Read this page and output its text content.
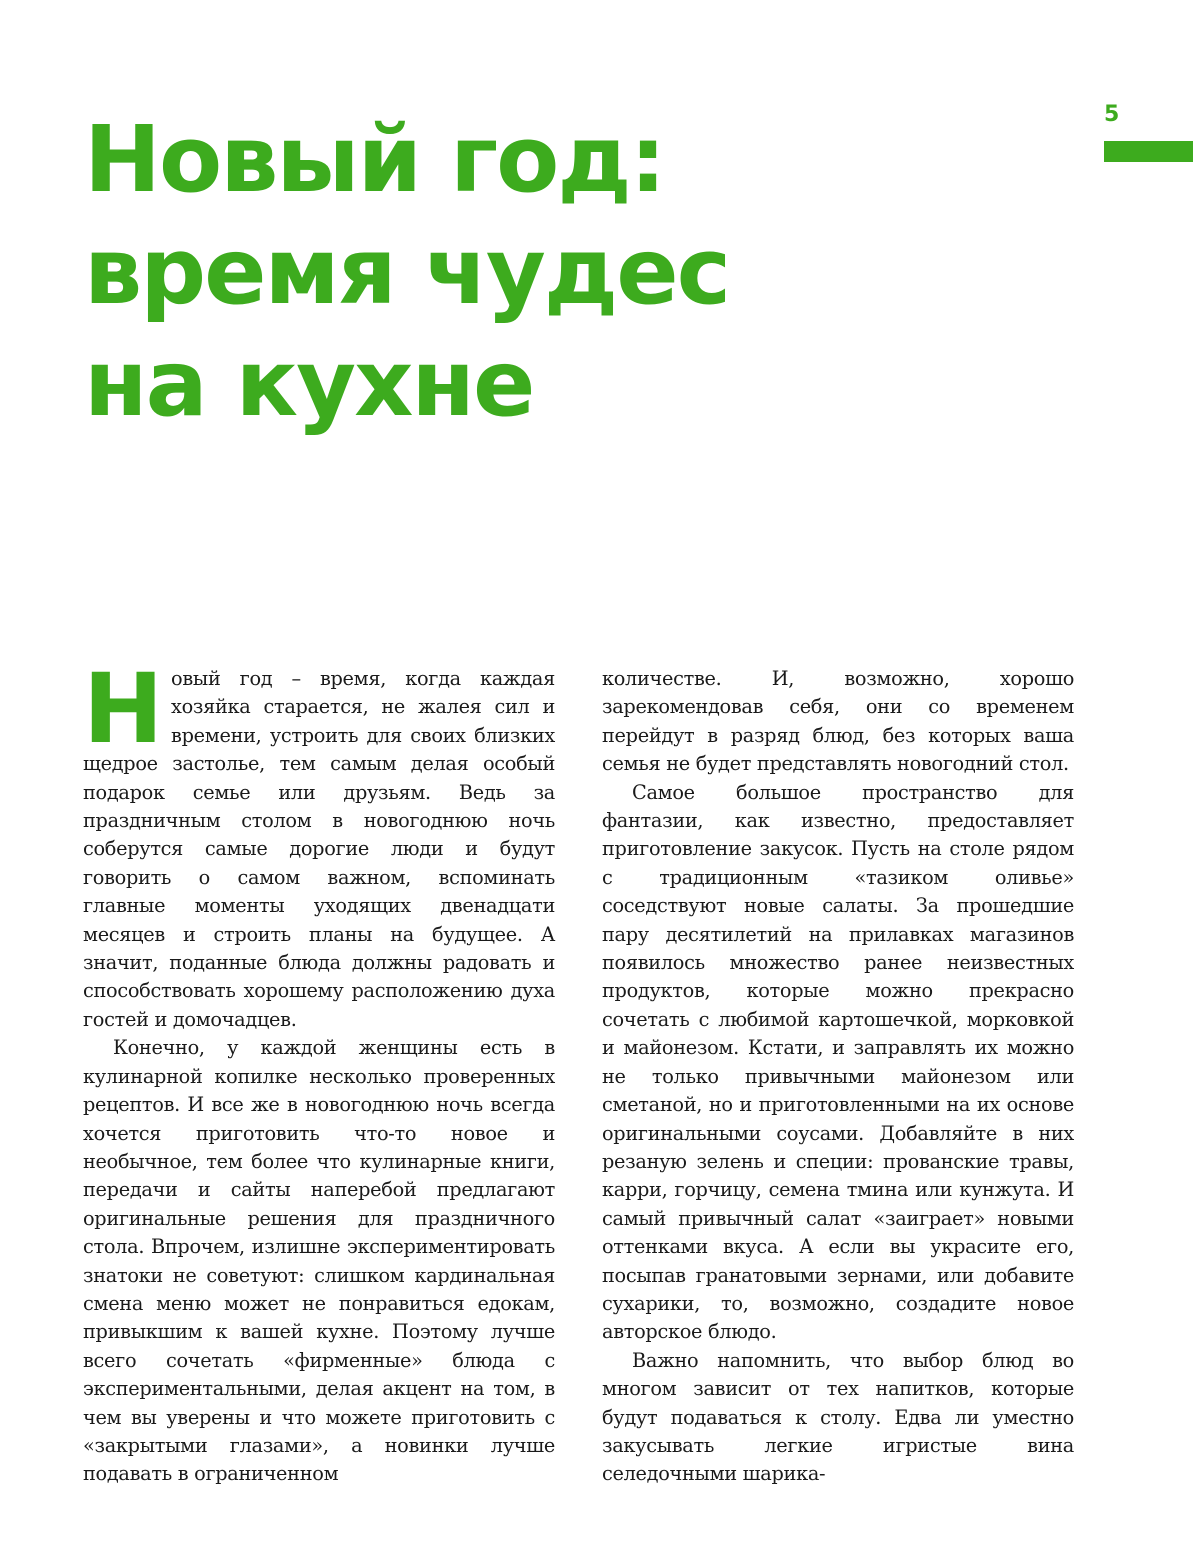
5
Новый год:
время чудес
на кухне

Новый год – время, когда каждая хозяйка старается, не жалея сил и времени, устроить для своих близких щедрое застолье, тем самым делая особый подарок семье или друзьям. Ведь за праздничным столом в новогоднюю ночь соберутся самые дорогие люди и будут говорить о самом важном, вспоминать главные моменты уходящих двенадцати месяцев и строить планы на будущее. А значит, поданные блюда должны радовать и способствовать хорошему расположению духа гостей и домочадцев.

Конечно, у каждой женщины есть в кулинарной копилке несколько проверенных рецептов. И все же в новогоднюю ночь всегда хочется приготовить что-то новое и необычное, тем более что кулинарные книги, передачи и сайты наперебой предлагают оригинальные решения для праздничного стола. Впрочем, излишне экспериментировать знатоки не советуют: слишком кардинальная смена меню может не понравиться едокам, привыкшим к вашей кухне. Поэтому лучше всего сочетать «фирменные» блюда с экспериментальными, делая акцент на том, в чем вы уверены и что можете приготовить с «закрытыми глазами», а новинки лучше подавать в ограниченном

количестве. И, возможно, хорошо зарекомендовав себя, они со временем перейдут в разряд блюд, без которых ваша семья не будет представлять новогодний стол.

Самое большое пространство для фантазии, как известно, предоставляет приготовление закусок. Пусть на столе рядом с традиционным «тазиком оливье» соседствуют новые салаты. За прошедшие пару десятилетий на прилавках магазинов появилось множество ранее неизвестных продуктов, которые можно прекрасно сочетать с любимой картошечкой, морковкой и майонезом. Кстати, и заправлять их можно не только привычными майонезом или сметаной, но и приготовленными на их основе оригинальными соусами. Добавляйте в них резаную зелень и специи: прованские травы, карри, горчицу, семена тмина или кунжута. И самый привычный салат «заиграет» новыми оттенками вкуса. А если вы украсите его, посыпав гранатовыми зернами, или добавите сухарики, то, возможно, создадите новое авторское блюдо.

Важно напомнить, что выбор блюд во многом зависит от тех напитков, которые будут подаваться к столу. Едва ли уместно закусывать легкие игристые вина селедочными шарика-
